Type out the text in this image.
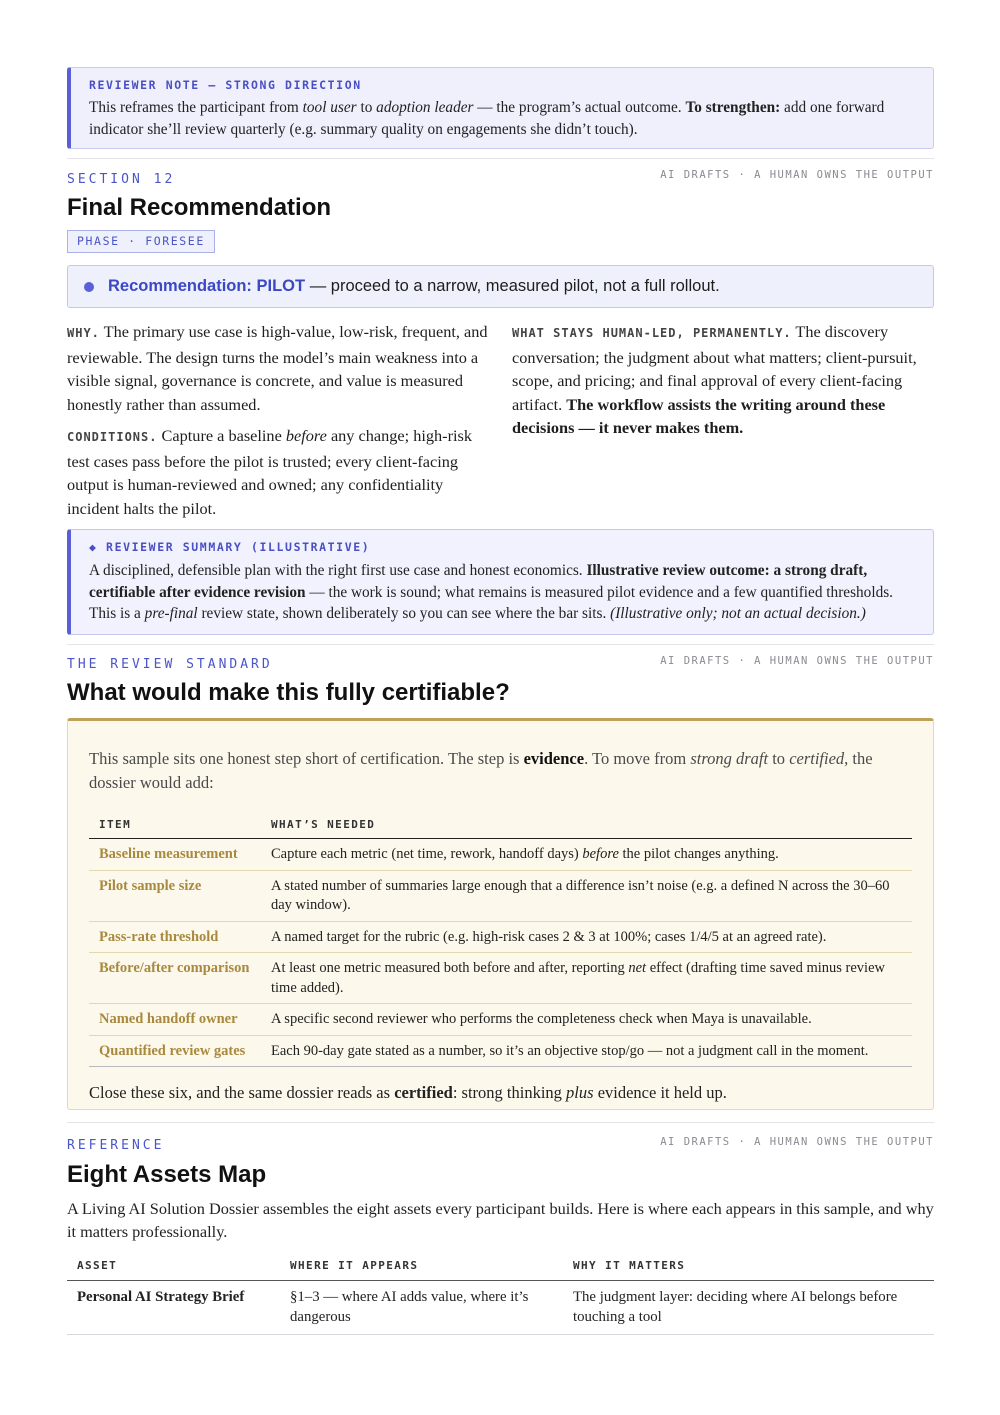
REVIEWER NOTE — STRONG DIRECTION
This reframes the participant from tool user to adoption leader — the program’s actual outcome. To strengthen: add one forward indicator she’ll review quarterly (e.g. summary quality on engagements she didn’t touch).
SECTION 12	AI DRAFTS · A HUMAN OWNS THE OUTPUT
Final Recommendation
PHASE · FORESEE
Recommendation: PILOT — proceed to a narrow, measured pilot, not a full rollout.
WHY. The primary use case is high-value, low-risk, frequent, and reviewable. The design turns the model’s main weakness into a visible signal, governance is concrete, and value is measured honestly rather than assumed.
CONDITIONS. Capture a baseline before any change; high-risk test cases pass before the pilot is trusted; every client-facing output is human-reviewed and owned; any confidentiality incident halts the pilot.
WHAT STAYS HUMAN-LED, PERMANENTLY. The discovery conversation; the judgment about what matters; client-pursuit, scope, and pricing; and final approval of every client-facing artifact. The workflow assists the writing around these decisions — it never makes them.
◆ REVIEWER SUMMARY (ILLUSTRATIVE)
A disciplined, defensible plan with the right first use case and honest economics. Illustrative review outcome: a strong draft, certifiable after evidence revision — the work is sound; what remains is measured pilot evidence and a few quantified thresholds. This is a pre-final review state, shown deliberately so you can see where the bar sits. (Illustrative only; not an actual decision.)
THE REVIEW STANDARD	AI DRAFTS · A HUMAN OWNS THE OUTPUT
What would make this fully certifiable?
This sample sits one honest step short of certification. The step is evidence. To move from strong draft to certified, the dossier would add:
ITEM	WHAT’S NEEDED
Baseline measurement	Capture each metric (net time, rework, handoff days) before the pilot changes anything.
Pilot sample size	A stated number of summaries large enough that a difference isn’t noise (e.g. a defined N across the 30–60 day window).
Pass-rate threshold	A named target for the rubric (e.g. high-risk cases 2 & 3 at 100%; cases 1/4/5 at an agreed rate).
Before/after comparison	At least one metric measured both before and after, reporting net effect (drafting time saved minus review time added).
Named handoff owner	A specific second reviewer who performs the completeness check when Maya is unavailable.
Quantified review gates	Each 90-day gate stated as a number, so it’s an objective stop/go — not a judgment call in the moment.
Close these six, and the same dossier reads as certified: strong thinking plus evidence it held up.
REFERENCE	AI DRAFTS · A HUMAN OWNS THE OUTPUT
Eight Assets Map
A Living AI Solution Dossier assembles the eight assets every participant builds. Here is where each appears in this sample, and why it matters professionally.
ASSET	WHERE IT APPEARS	WHY IT MATTERS
Personal AI Strategy Brief	§1–3 — where AI adds value, where it’s dangerous	The judgment layer: deciding where AI belongs before touching a tool
